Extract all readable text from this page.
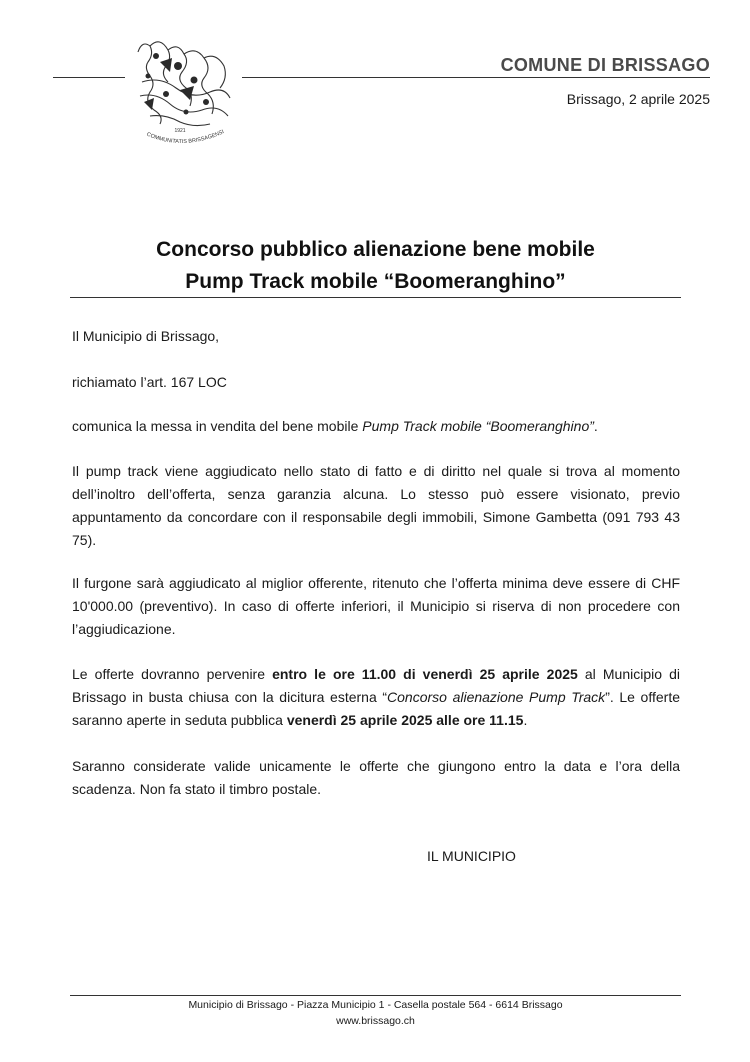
1921
COMMUNITATIS BRISSAGENSI
COMUNE DI BRISSAGO
Brissago, 2 aprile 2025
Concorso pubblico alienazione bene mobile
Pump Track mobile “Boomeranghino”
Il Municipio di Brissago,
richiamato l’art. 167 LOC
comunica la messa in vendita del bene mobile Pump Track mobile “Boomeranghino”.
Il pump track viene aggiudicato nello stato di fatto e di diritto nel quale si trova al momento dell’inoltro dell’offerta, senza garanzia alcuna. Lo stesso può essere visionato, previo appuntamento da concordare con il responsabile degli immobili, Simone Gambetta (091 793 43 75).
Il furgone sarà aggiudicato al miglior offerente, ritenuto che l’offerta minima deve essere di CHF 10'000.00 (preventivo). In caso di offerte inferiori, il Municipio si riserva di non procedere con l’aggiudicazione.
Le offerte dovranno pervenire entro le ore 11.00 di venerdì 25 aprile 2025 al Municipio di Brissago in busta chiusa con la dicitura esterna “Concorso alienazione Pump Track”. Le offerte saranno aperte in seduta pubblica venerdì 25 aprile 2025 alle ore 11.15.
Saranno considerate valide unicamente le offerte che giungono entro la data e l’ora della scadenza. Non fa stato il timbro postale.
IL MUNICIPIO
Municipio di Brissago - Piazza Municipio 1 - Casella postale 564 - 6614 Brissago
www.brissago.ch
